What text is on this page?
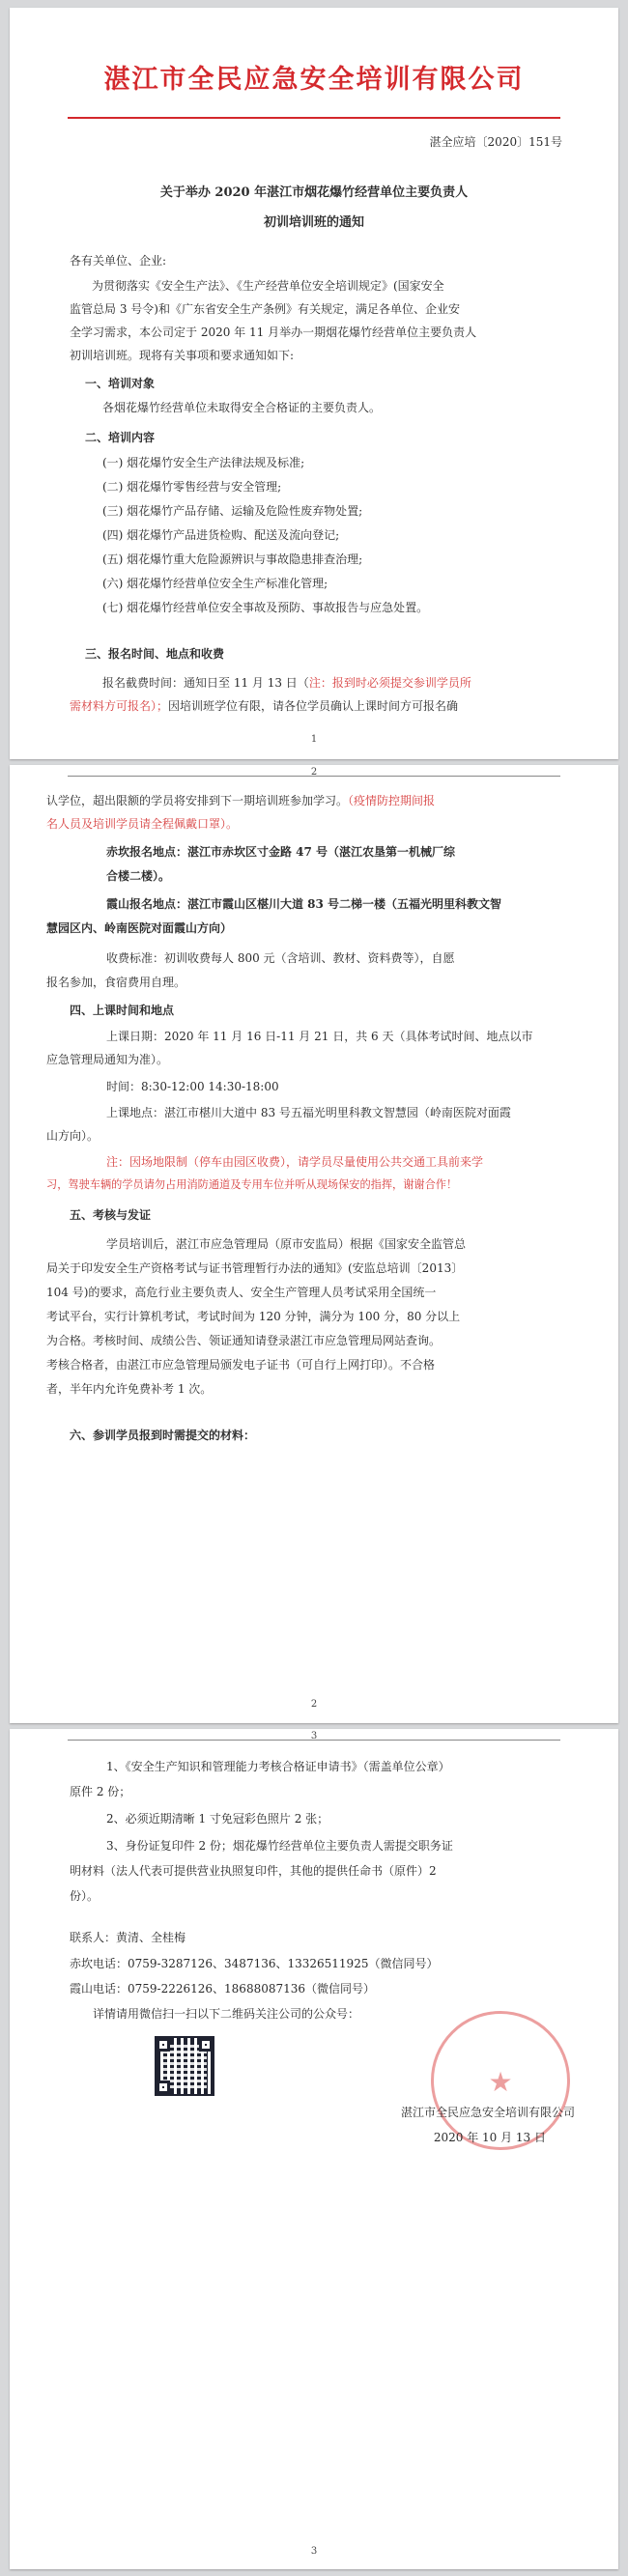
湛江市全民应急安全培训有限公司
湛全应培〔2020〕151号
关于举办 2020 年湛江市烟花爆竹经营单位主要负责人
初训培训班的通知
各有关单位、企业:
为贯彻落实《安全生产法》、《生产经营单位安全培训规定》(国家安全
监管总局 3 号令)和《广东省安全生产条例》有关规定，满足各单位、企业安
全学习需求，本公司定于 2020 年 11 月举办一期烟花爆竹经营单位主要负责人
初训培训班。现将有关事项和要求通知如下:
一、培训对象
各烟花爆竹经营单位未取得安全合格证的主要负责人。
二、培训内容
(一) 烟花爆竹安全生产法律法规及标准;
(二) 烟花爆竹零售经营与安全管理;
(三) 烟花爆竹产品存储、运输及危险性废弃物处置;
(四) 烟花爆竹产品进货检购、配送及流向登记;
(五) 烟花爆竹重大危险源辨识与事故隐患排查治理;
(六) 烟花爆竹经营单位安全生产标准化管理;
(七) 烟花爆竹经营单位安全事故及预防、事故报告与应急处置。
三、报名时间、地点和收费
报名截费时间：通知日至 11 月 13 日（注：报到时必须提交参训学员所
需材料方可报名）；因培训班学位有限，请各位学员确认上课时间方可报名确
1
2
认学位，超出限额的学员将安排到下一期培训班参加学习。（疫情防控期间报
名人员及培训学员请全程佩戴口罩）。
赤坎报名地点：湛江市赤坎区寸金路 47 号（湛江农垦第一机械厂综
合楼二楼）。
霞山报名地点：湛江市霞山区椹川大道 83 号二梯一楼（五福光明里科教文智
慧园区内、岭南医院对面霞山方向）
收费标准：初训收费每人 800 元（含培训、教材、资料费等），自愿
报名参加，食宿费用自理。
四、上课时间和地点
上课日期：2020 年 11 月 16 日-11 月 21 日，共 6 天（具体考试时间、地点以市
应急管理局通知为准）。
时间：8:30-12:00 14:30-18:00
上课地点：湛江市椹川大道中 83 号五福光明里科教文智慧园（岭南医院对面霞
山方向）。
注：因场地限制（停车由园区收费），请学员尽量使用公共交通工具前来学
习，驾驶车辆的学员请勿占用消防通道及专用车位并听从现场保安的指挥，谢谢合作！
五、考核与发证
学员培训后，湛江市应急管理局（原市安监局）根据《国家安全监管总
局关于印发安全生产资格考试与证书管理暂行办法的通知》(安监总培训〔2013〕
104 号)的要求，高危行业主要负责人、安全生产管理人员考试采用全国统一
考试平台，实行计算机考试，考试时间为 120 分钟，满分为 100 分，80 分以上
为合格。考核时间、成绩公告、领证通知请登录湛江市应急管理局网站查询。
考核合格者，由湛江市应急管理局颁发电子证书（可自行上网打印）。不合格
者，半年内允许免费补考 1 次。
六、参训学员报到时需提交的材料：
2
3
1、《安全生产知识和管理能力考核合格证申请书》（需盖单位公章）
原件 2 份；
2、必须近期清晰 1 寸免冠彩色照片 2 张；
3、身份证复印件 2 份；烟花爆竹经营单位主要负责人需提交职务证
明材料（法人代表可提供营业执照复印件，其他的提供任命书（原件）2
份）。
联系人：黄清、全桂梅
赤坎电话：0759-3287126、3487136、13326511925（微信同号）
霞山电话：0759-2226126、18688087136（微信同号）
详情请用微信扫一扫以下二维码关注公司的公众号：
★
湛江市全民应急安全培训有限公司
2020 年 10 月 13 日
3
